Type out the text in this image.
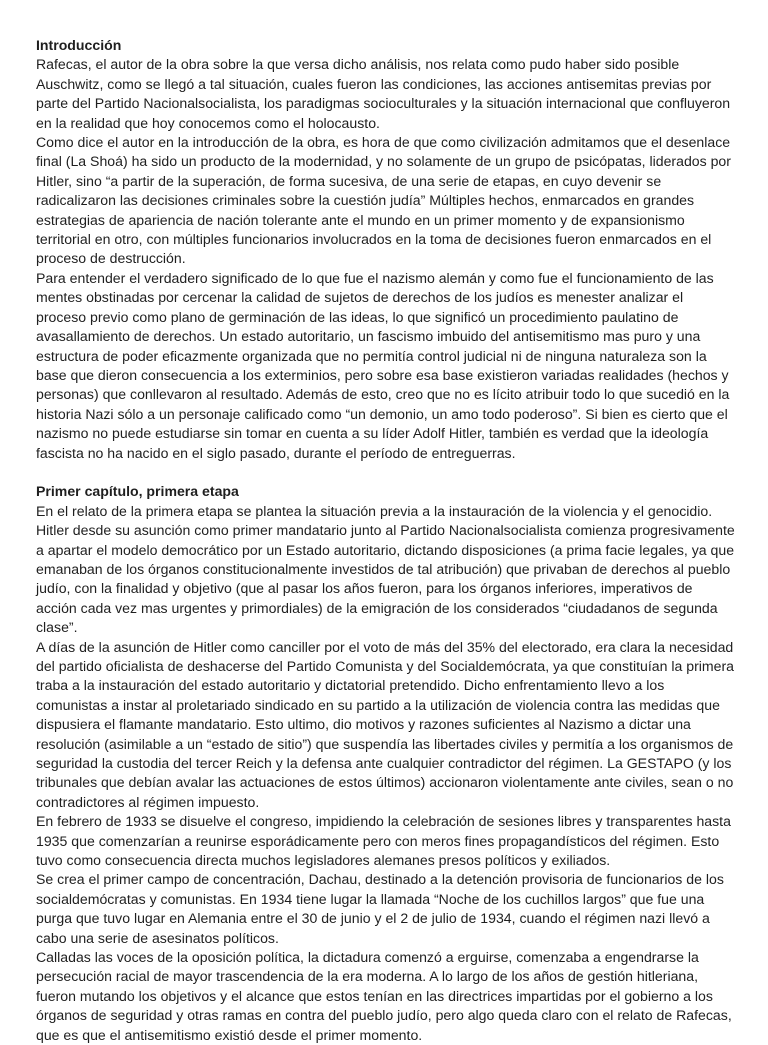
Introducción

Rafecas, el autor de la obra sobre la que versa dicho análisis, nos relata como pudo haber sido posible Auschwitz, como se llegó a tal situación, cuales fueron las condiciones, las acciones antisemitas previas por parte del Partido Nacionalsocialista, los paradigmas socioculturales y la situación internacional que confluyeron en la realidad que hoy conocemos como el holocausto.

Como dice el autor en la introducción de la obra, es hora de que como civilización admitamos que el desenlace final (La Shoá) ha sido un producto de la modernidad, y no solamente de un grupo de psicópatas, liderados por Hitler, sino “a partir de la superación, de forma sucesiva, de una serie de etapas, en cuyo devenir se radicalizaron las decisiones criminales sobre la cuestión judía” Múltiples hechos, enmarcados en grandes estrategias de apariencia de nación tolerante ante el mundo en un primer momento y de expansionismo territorial en otro, con múltiples funcionarios involucrados en la toma de decisiones fueron enmarcados en el proceso de destrucción.

Para entender el verdadero significado de lo que fue el nazismo alemán y como fue el funcionamiento de las mentes obstinadas por cercenar la calidad de sujetos de derechos de los judíos es menester analizar el proceso previo como plano de germinación de las ideas, lo que significó un procedimiento paulatino de avasallamiento de derechos. Un estado autoritario, un fascismo imbuido del antisemitismo mas puro y una estructura de poder eficazmente organizada que no permitía control judicial ni de ninguna naturaleza son la base que dieron consecuencia a los exterminios, pero sobre esa base existieron variadas realidades (hechos y personas) que conllevaron al resultado. Además de esto, creo que no es lícito atribuir todo lo que sucedió en la historia Nazi sólo a un personaje calificado como “un demonio, un amo todo poderoso”. Si bien es cierto que el nazismo no puede estudiarse sin tomar en cuenta a su líder Adolf Hitler, también es verdad que la ideología fascista no ha nacido en el siglo pasado, durante el período de entreguerras.

Primer capítulo, primera etapa

En el relato de la primera etapa se plantea la situación previa a la instauración de la violencia y el genocidio. Hitler desde su asunción como primer mandatario junto al Partido Nacionalsocialista comienza progresivamente a apartar el modelo democrático por un Estado autoritario, dictando disposiciones (a prima facie legales, ya que emanaban de los órganos constitucionalmente investidos de tal atribución) que privaban de derechos al pueblo judío, con la finalidad y objetivo (que al pasar los años fueron, para los órganos inferiores, imperativos de acción cada vez mas urgentes y primordiales) de la emigración de los considerados “ciudadanos de segunda clase”.

A días de la asunción de Hitler como canciller por el voto de más del 35% del electorado, era clara la necesidad del partido oficialista de deshacerse del Partido Comunista y del Socialdemócrata, ya que constituían la primera traba a la instauración del estado autoritario y dictatorial pretendido. Dicho enfrentamiento llevo a los comunistas a instar al proletariado sindicado en su partido a la utilización de violencia contra las medidas que dispusiera el flamante mandatario. Esto ultimo, dio motivos y razones suficientes al Nazismo a dictar una resolución (asimilable a un “estado de sitio”) que suspendía las libertades civiles y permitía a los organismos de seguridad la custodia del tercer Reich y la defensa ante cualquier contradictor del régimen. La GESTAPO (y los tribunales que debían avalar las actuaciones de estos últimos) accionaron violentamente ante civiles, sean o no contradictores al régimen impuesto.

En febrero de 1933 se disuelve el congreso, impidiendo la celebración de sesiones libres y transparentes hasta 1935 que comenzarían a reunirse esporádicamente pero con meros fines propagandísticos del régimen. Esto tuvo como consecuencia directa muchos legisladores alemanes presos políticos y exiliados.

Se crea el primer campo de concentración, Dachau, destinado a la detención provisoria de funcionarios de los socialdemócratas y comunistas. En 1934 tiene lugar la llamada “Noche de los cuchillos largos” que fue una purga que tuvo lugar en Alemania entre el 30 de junio y el 2 de julio de 1934, cuando el régimen nazi llevó a cabo una serie de asesinatos políticos.

Calladas las voces de la oposición política, la dictadura comenzó a erguirse, comenzaba a engendrarse la persecución racial de mayor trascendencia de la era moderna. A lo largo de los años de gestión hitleriana, fueron mutando los objetivos y el alcance que estos tenían en las directrices impartidas por el gobierno a los órganos de seguridad y otras ramas en contra del pueblo judío, pero algo queda claro con el relato de Rafecas, que es que el antisemitismo existió desde el primer momento.
